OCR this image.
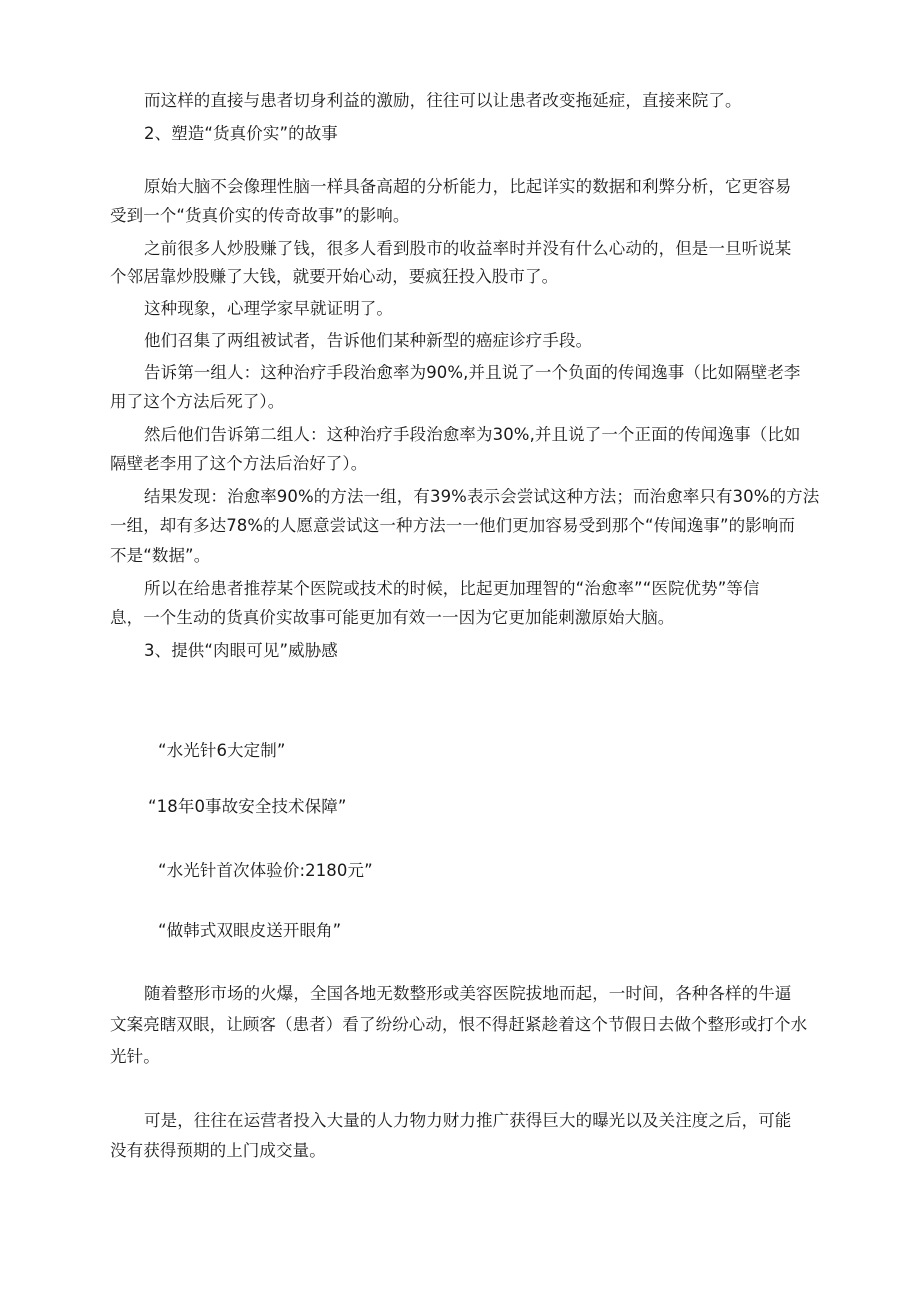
而这样的直接与患者切身利益的激励，往往可以让患者改变拖延症，直接来院了。
2、塑造“货真价实”的故事
原始大脑不会像理性脑一样具备高超的分析能力，比起详实的数据和利弊分析，它更容易
受到一个“货真价实的传奇故事”的影响。
之前很多人炒股赚了钱，很多人看到股市的收益率时并没有什么心动的，但是一旦听说某
个邻居靠炒股赚了大钱，就要开始心动，要疯狂投入股市了。
这种现象，心理学家早就证明了。
他们召集了两组被试者，告诉他们某种新型的癌症诊疗手段。
告诉第一组人：这种治疗手段治愈率为90%,并且说了一个负面的传闻逸事（比如隔壁老李
用了这个方法后死了）。
然后他们告诉第二组人：这种治疗手段治愈率为30%,并且说了一个正面的传闻逸事（比如
隔壁老李用了这个方法后治好了）。
结果发现：治愈率90%的方法一组，有39%表示会尝试这种方法；而治愈率只有30%的方法
一组，却有多达78%的人愿意尝试这一种方法一一他们更加容易受到那个“传闻逸事”的影响而
不是“数据”。
所以在给患者推荐某个医院或技术的时候，比起更加理智的“治愈率”“医院优势”等信
息，一个生动的货真价实故事可能更加有效一一因为它更加能刺激原始大脑。
3、提供“肉眼可见”威胁感
“水光针6大定制”
“18年0事故安全技术保障”
“水光针首次体验价:2180元”
“做韩式双眼皮送开眼角”
随着整形市场的火爆，全国各地无数整形或美容医院拔地而起，一时间，各种各样的牛逼
文案亮瞎双眼，让顾客（患者）看了纷纷心动，恨不得赶紧趁着这个节假日去做个整形或打个水
光针。
可是，往往在运营者投入大量的人力物力财力推广获得巨大的曝光以及关注度之后，可能
没有获得预期的上门成交量。
